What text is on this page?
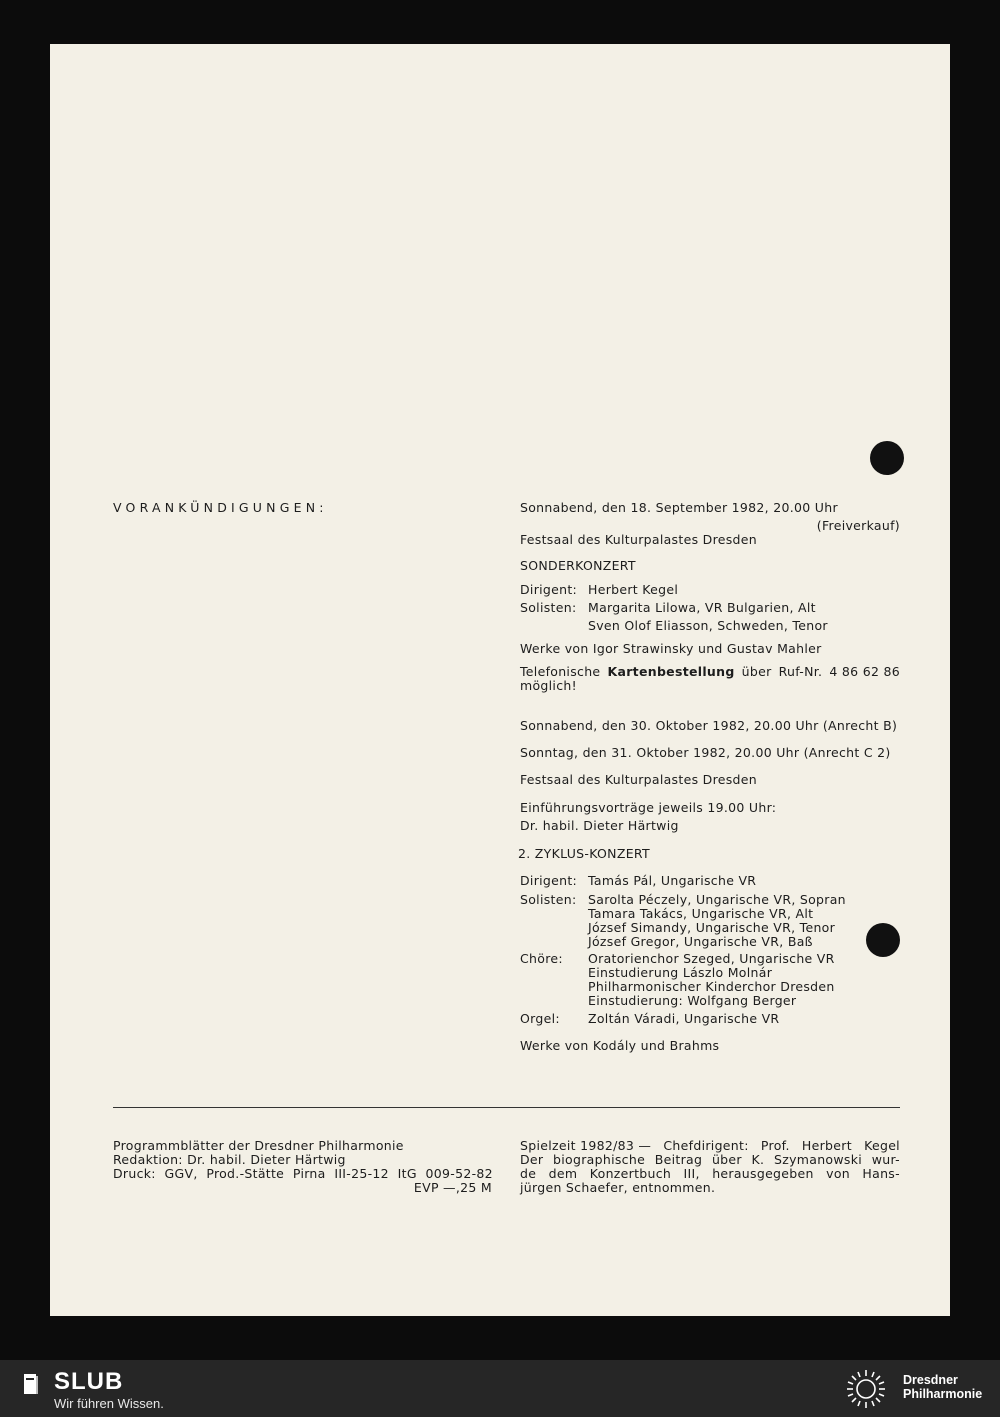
VORANKÜNDIGUNGEN:	Sonnabend, den 18. September 1982, 20.00 Uhr
(Freiverkauf)
Festsaal des Kulturpalastes Dresden
SONDERKONZERT
Dirigent: Herbert Kegel
Solisten: Margarita Lilowa, VR Bulgarien, Alt
Sven Olof Eliasson, Schweden, Tenor
Werke von Igor Strawinsky und Gustav Mahler
Telefonische Kartenbestellung über Ruf-Nr. 4 86 62 86
möglich!
Sonnabend, den 30. Oktober 1982, 20.00 Uhr (Anrecht B)
Sonntag, den 31. Oktober 1982, 20.00 Uhr (Anrecht C 2)
Festsaal des Kulturpalastes Dresden
Einführungsvorträge jeweils 19.00 Uhr:
Dr. habil. Dieter Härtwig
2. ZYKLUS-KONZERT
Dirigent: Tamás Pál, Ungarische VR
Solisten: Sarolta Péczely, Ungarische VR, Sopran
Tamara Takács, Ungarische VR, Alt
József Simandy, Ungarische VR, Tenor
József Gregor, Ungarische VR, Baß
Chöre: Oratorienchor Szeged, Ungarische VR
Einstudierung Lászlo Molnár
Philharmonischer Kinderchor Dresden
Einstudierung: Wolfgang Berger
Orgel: Zoltán Váradi, Ungarische VR
Werke von Kodály und Brahms
Programmblätter der Dresdner Philharmonie
Redaktion: Dr. habil. Dieter Härtwig
Druck: GGV, Prod.-Stätte Pirna III-25-12 ItG 009-52-82
EVP —,25 M
Spielzeit 1982/83 — Chefdirigent: Prof. Herbert Kegel
Der biographische Beitrag über K. Szymanowski wur-
de dem Konzertbuch III, herausgegeben von Hans-
jürgen Schaefer, entnommen.
SLUB
Wir führen Wissen.
Dresdner
Philharmonie
